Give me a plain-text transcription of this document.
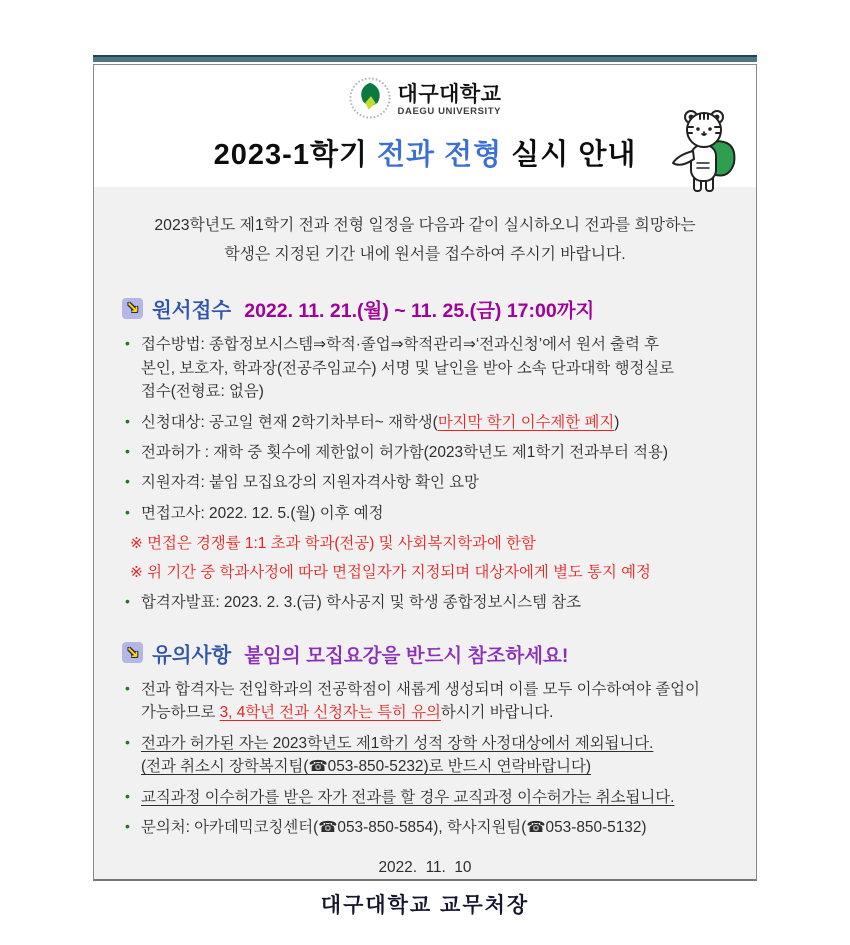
대구대학교
DAEGU UNIVERSITY
2023-1학기 전과 전형 실시 안내
2023학년도 제1학기 전과 전형 일정을 다음과 같이 실시하오니 전과를 희망하는
학생은 지정된 기간 내에 원서를 접수하여 주시기 바랍니다.
↘ 원서접수 2022. 11. 21.(월) ~ 11. 25.(금) 17:00까지
• 접수방법: 종합정보시스템⇒학적·졸업⇒학적관리⇒‘전과신청’에서 원서 출력 후
본인, 보호자, 학과장(전공주임교수) 서명 및 날인을 받아 소속 단과대학 행정실로
접수(전형료: 없음)
• 신청대상: 공고일 현재 2학기차부터~ 재학생(마지막 학기 이수제한 폐지)
• 전과허가 : 재학 중 횟수에 제한없이 허가함(2023학년도 제1학기 전과부터 적용)
• 지원자격: 붙임 모집요강의 지원자격사항 확인 요망
• 면접고사: 2022. 12. 5.(월) 이후 예정
※ 면접은 경쟁률 1:1 초과 학과(전공) 및 사회복지학과에 한함
※ 위 기간 중 학과사정에 따라 면접일자가 지정되며 대상자에게 별도 통지 예정
• 합격자발표: 2023. 2. 3.(금) 학사공지 및 학생 종합정보시스템 참조
↘ 유의사항 붙임의 모집요강을 반드시 참조하세요!
• 전과 합격자는 전입학과의 전공학점이 새롭게 생성되며 이를 모두 이수하여야 졸업이
가능하므로 3, 4학년 전과 신청자는 특히 유의하시기 바랍니다.
• 전과가 허가된 자는 2023학년도 제1학기 성적 장학 사정대상에서 제외됩니다.
(전과 취소시 장학복지팀(☎053-850-5232)로 반드시 연락바랍니다)
• 교직과정 이수허가를 받은 자가 전과를 할 경우 교직과정 이수허가는 취소됩니다.
• 문의처: 아카데믹코칭센터(☎053-850-5854), 학사지원팀(☎053-850-5132)
2022.  11.  10
대구대학교 교무처장
